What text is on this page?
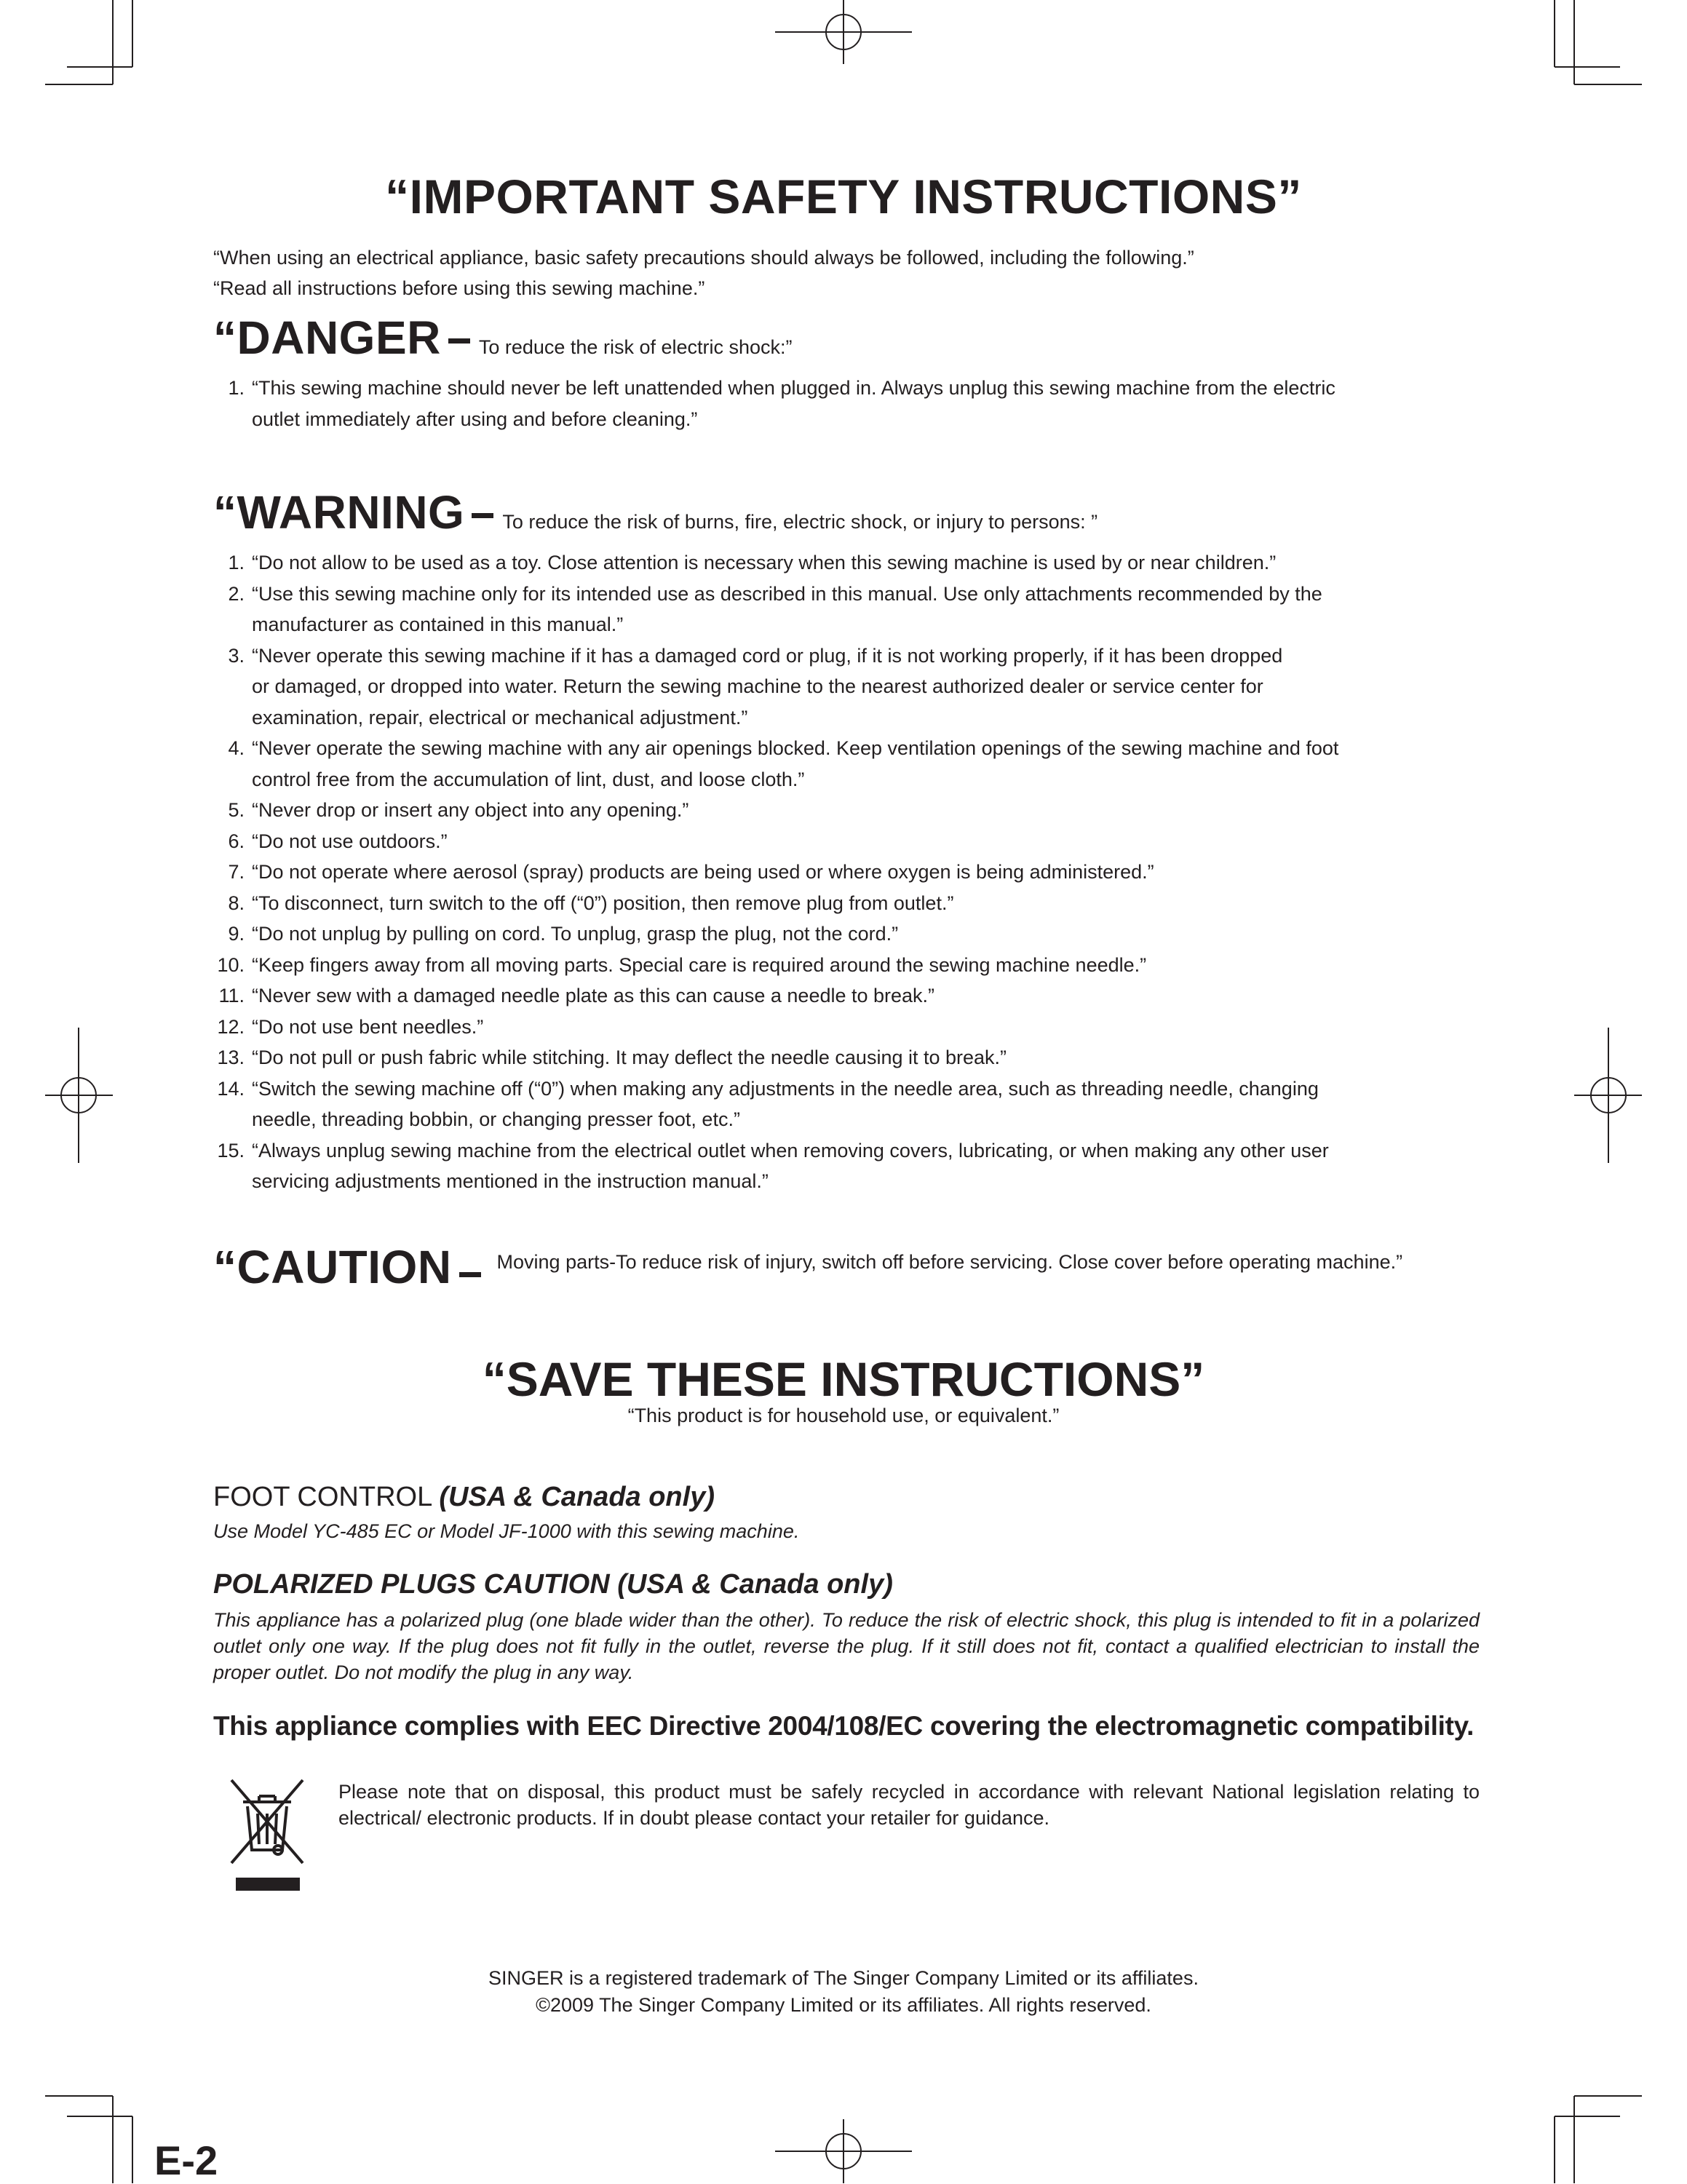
“IMPORTANT SAFETY INSTRUCTIONS”
“When using an electrical appliance, basic safety precautions should always be followed, including the following.”
“Read all instructions before using this sewing machine.”
“DANGER To reduce the risk of electric shock:”
1. “This sewing machine should never be left unattended when plugged in. Always unplug this sewing machine from the electric
outlet immediately after using and before cleaning.”
“WARNING To reduce the risk of burns, fire, electric shock, or injury to persons: ”
1. “Do not allow to be used as a toy. Close attention is necessary when this sewing machine is used by or near children.”
2. “Use this sewing machine only for its intended use as described in this manual. Use only attachments recommended by the
manufacturer as contained in this manual.”
3. “Never operate this sewing machine if it has a damaged cord or plug, if it is not working properly, if it has been dropped
or damaged, or dropped into water. Return the sewing machine to the nearest authorized dealer or service center for
examination, repair, electrical or mechanical adjustment.”
4. “Never operate the sewing machine with any air openings blocked. Keep ventilation openings of the sewing machine and foot
control free from the accumulation of lint, dust, and loose cloth.”
5. “Never drop or insert any object into any opening.”
6. “Do not use outdoors.”
7. “Do not operate where aerosol (spray) products are being used or where oxygen is being administered.”
8. “To disconnect, turn switch to the off (“0”) position, then remove plug from outlet.”
9. “Do not unplug by pulling on cord. To unplug, grasp the plug, not the cord.”
10. “Keep fingers away from all moving parts. Special care is required around the sewing machine needle.”
11. “Never sew with a damaged needle plate as this can cause a needle to break.”
12. “Do not use bent needles.”
13. “Do not pull or push fabric while stitching. It may deflect the needle causing it to break.”
14. “Switch the sewing machine off (“0”) when making any adjustments in the needle area, such as threading needle, changing
needle, threading bobbin, or changing presser foot, etc.”
15. “Always unplug sewing machine from the electrical outlet when removing covers, lubricating, or when making any other user
servicing adjustments mentioned in the instruction manual.”
“CAUTION Moving parts-To reduce risk of injury, switch off before servicing. Close cover before operating machine.”
“SAVE THESE INSTRUCTIONS”
“This product is for household use, or equivalent.”
FOOT CONTROL (USA & Canada only)
Use Model YC-485 EC or Model JF-1000 with this sewing machine.
POLARIZED PLUGS CAUTION (USA & Canada only)
This appliance has a polarized plug (one blade wider than the other). To reduce the risk of electric shock, this plug is intended to fit in a polarized outlet only one way. If the plug does not fit fully in the outlet, reverse the plug. If it still does not fit, contact a qualified electrician to install the proper outlet. Do not modify the plug in any way.
This appliance complies with EEC Directive 2004/108/EC covering the electromagnetic compatibility.
Please note that on disposal, this product must be safely recycled in accordance with relevant National legislation relating to electrical/ electronic products. If in doubt please contact your retailer for guidance.
SINGER is a registered trademark of The Singer Company Limited or its affiliates.
©2009 The Singer Company Limited or its affiliates. All rights reserved.
E-2
